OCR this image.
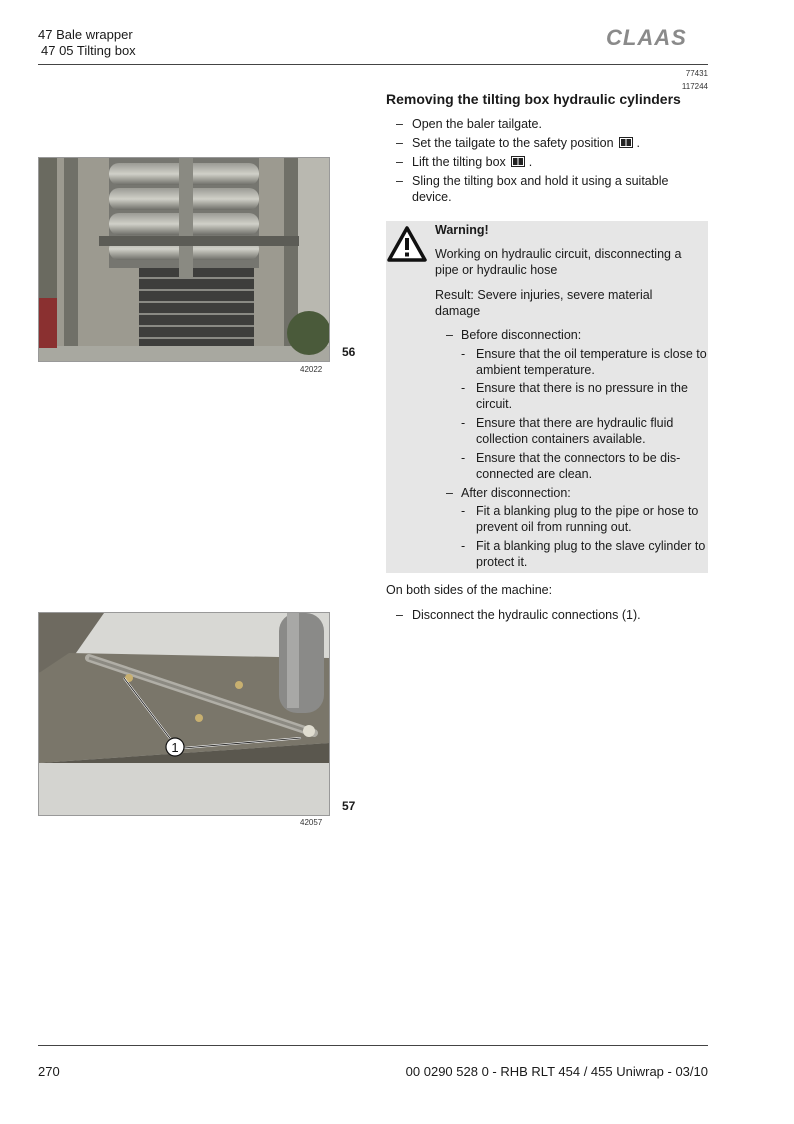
47 Bale wrapper
47 05 Tilting box
CLAAS
77431
117244
Removing the tilting box hydraulic cylinders
– Open the baler tailgate.
– Set the tailgate to the safety position  .
– Lift the tilting box  .
– Sling the tilting box and hold it using a suitable device.
Warning!
Working on hydraulic circuit, disconnecting a pipe or hydraulic hose
Result: Severe injuries, severe material damage
– Before disconnection:
- Ensure that the oil temperature is close to ambient temperature.
- Ensure that there is no pressure in the circuit.
- Ensure that there are hydraulic fluid collection containers available.
- Ensure that the connectors to be dis-connected are clean.
– After disconnection:
- Fit a blanking plug to the pipe or hose to prevent oil from running out.
- Fit a blanking plug to the slave cylinder to protect it.
On both sides of the machine:
– Disconnect the hydraulic connections (1).
56
42022
1
57
42057
270	00 0290 528 0 - RHB RLT 454 / 455 Uniwrap - 03/10
